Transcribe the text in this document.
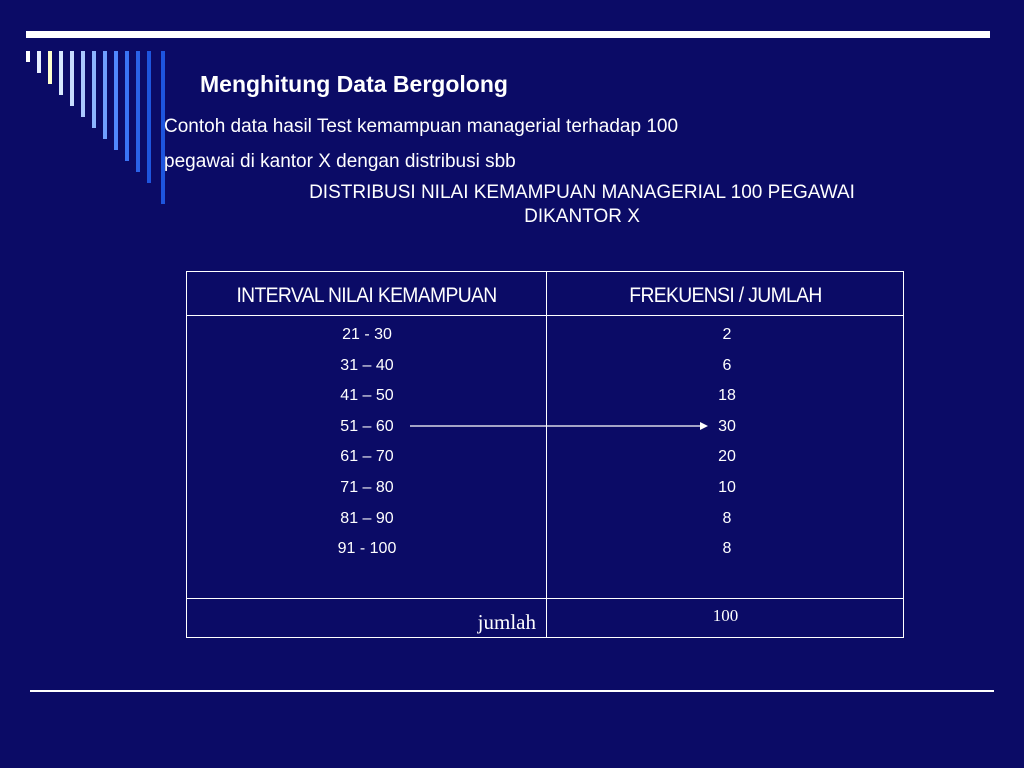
Menghitung Data Bergolong
Contoh data hasil Test kemampuan managerial terhadap 100
pegawai di kantor X dengan distribusi sbb
DISTRIBUSI NILAI KEMAMPUAN MANAGERIAL 100 PEGAWAI
DIKANTOR X
INTERVAL NILAI KEMAMPUAN	FREKUENSI / JUMLAH
21 - 30
31 – 40
41 – 50
51 – 60
61 – 70
71 – 80
81 – 90
91 - 100
2
6
18
30
20
10
8
8
jumlah	100
